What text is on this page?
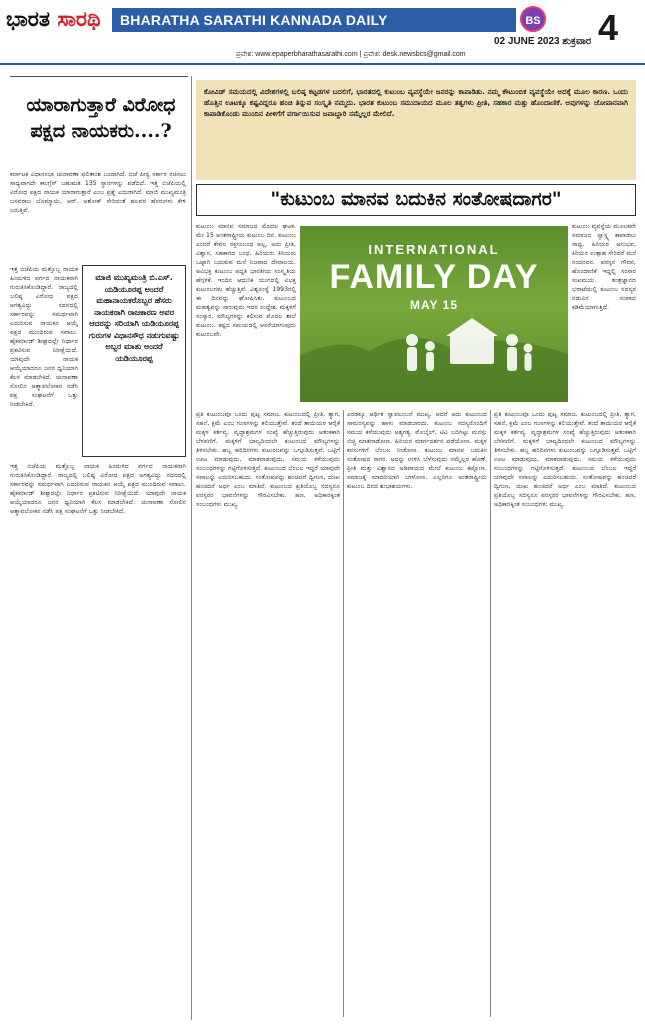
ಭಾರತ ಸಾರಥಿ	BHARATHA SARATHI KANNADA DAILY	BS
02 JUNE 2023 ಶುಕ್ರವಾರ 4
ಪ್ರವೇಶ: www.epaperbharathasarathi.com | ಪ್ರವೇಶ: desk.newsbcs@gmail.com
ಯಾರಾಗುತ್ತಾರೆ ವಿರೋಧ ಪಕ್ಷದ ನಾಯಕರು....?
ಕರ್ನಾಟಕ ವಿಧಾನಸಭಾ ಚುನಾವಣಾ ಫಲಿತಾಂಶ ಬಂದಾಗಿದೆ. ಬಿಜೆ ಪೀಠ್ಯ ಸರ್ಕಾರ ರಚಿಸಲು ಸಾಧ್ಯವಾಗದೇ ಕಾಂಗ್ರೆಸ್ ಬಹುಮತ 135 ಸ್ಥಾನಗಳನ್ನು ಪಡೆದಿದೆ. ಇತ್ತ ಬಿಜೆಪಿಯಲ್ಲಿ ವಿರೋಧ ಪಕ್ಷದ ನಾಯಕ ಯಾರಾಗುತ್ತಾರೆ ಎಂಬ ಪ್ರಶ್ನೆ ಎದುರಾಗಿದೆ. ಮಾಜಿ ಮುಖ್ಯಮಂತ್ರಿ ಬಸವರಾಜ ಬೊಮ್ಮಾಯಿ, ಆರ್. ಅಶೋಕ್ ಸೇರಿದಂತೆ ಹಲವರ ಹೆಸರುಗಳು ಕೇಳಿ ಬರುತ್ತಿವೆ.
ಇತ್ತ ಬಿಜೆಪಿಯ ಮತ್ತೊಬ್ಬ ನಾಯಕ ಹಿಂದುಳಿದ ವರ್ಗದ ನಾಯಕರಾಗಿ ಗುರುತಿಸಿಕೊಂಡಿದ್ದಾರೆ. ರಾಜ್ಯದಲ್ಲಿ ಬಲಿಷ್ಠ ವಿರೋಧ ಪಕ್ಷದ ಅಗತ್ಯವಿದ್ದು ಸದನದಲ್ಲಿ ಸರ್ಕಾರವನ್ನು ಸಮರ್ಥವಾಗಿ ಎದುರಿಸುವ ನಾಯಕನ ಆಯ್ಕೆ ಪಕ್ಷದ ಮುಂದಿರುವ ಸವಾಲು. ಹೈಕಮಾಂಡ್ ಶೀಘ್ರದಲ್ಲೇ ನಿರ್ಧಾರ ಪ್ರಕಟಿಸುವ ನಿರೀಕ್ಷೆಯಿದೆ. ಯಾವುದೇ ನಾಯಕ ಆಯ್ಕೆಯಾದರೂ ಜನರ ಧ್ವನಿಯಾಗಿ ಕೆಲಸ ಮಾಡಬೇಕಿದೆ. ಚುನಾವಣಾ ಸೋಲಿನ ಆತ್ಮಾವಲೋಕನ ನಡೆಸಿ ಪಕ್ಷ ಸಂಘಟನೆಗೆ ಒತ್ತು ನೀಡಬೇಕಿದೆ.
ಮಾಜಿ ಮುಖ್ಯಮಂತ್ರಿ ಬಿ.ಎಸ್. ಯಡಿಯೂರಪ್ಪ ಅಂದರೆ ಮಹಾನಾಯಕರೊಬ್ಬರ ಹೆಸರು ನಾಯಕರಾಗಿ ರಾಜಕಾರಣ ಅವರ ಆದರನ್ನು ಸರಿಯಾಗಿ ಯಡಿಯೂರಪ್ಪ ಗುರುಗಳ ವಿಧಾನಸೌಧ ನಡುಗುವಷ್ಟು ಅಬ್ಬರ ಮಾತು ಅಂದರೆ ಯಡಿಯೂರಪ್ಪ
ಇತ್ತ ಬಿಜೆಪಿಯ ಮತ್ತೊಬ್ಬ ನಾಯಕ ಹಿಂದುಳಿದ ವರ್ಗದ ನಾಯಕರಾಗಿ ಗುರುತಿಸಿಕೊಂಡಿದ್ದಾರೆ. ರಾಜ್ಯದಲ್ಲಿ ಬಲಿಷ್ಠ ವಿರೋಧ ಪಕ್ಷದ ಅಗತ್ಯವಿದ್ದು ಸದನದಲ್ಲಿ ಸರ್ಕಾರವನ್ನು ಸಮರ್ಥವಾಗಿ ಎದುರಿಸುವ ನಾಯಕನ ಆಯ್ಕೆ ಪಕ್ಷದ ಮುಂದಿರುವ ಸವಾಲು. ಹೈಕಮಾಂಡ್ ಶೀಘ್ರದಲ್ಲೇ ನಿರ್ಧಾರ ಪ್ರಕಟಿಸುವ ನಿರೀಕ್ಷೆಯಿದೆ. ಯಾವುದೇ ನಾಯಕ ಆಯ್ಕೆಯಾದರೂ ಜನರ ಧ್ವನಿಯಾಗಿ ಕೆಲಸ ಮಾಡಬೇಕಿದೆ. ಚುನಾವಣಾ ಸೋಲಿನ ಆತ್ಮಾವಲೋಕನ ನಡೆಸಿ ಪಕ್ಷ ಸಂಘಟನೆಗೆ ಒತ್ತು ನೀಡಬೇಕಿದೆ.
ಕೋವಿಡ್ ಸಮಯದಲ್ಲಿ ವಿದೇಶಗಳಲ್ಲಿ ಬಲಿಷ್ಠ ಕಟ್ಟಡಗಳ ಬದಲಿಗೆ, ಭಾರತದಲ್ಲಿ ಕುಟುಂಬ ವ್ಯವಸ್ಥೆಯೇ ಜನರನ್ನು ಕಾಪಾಡಿತು. ನಮ್ಮ ಕೌಟುಂಬಿಕ ವ್ಯವಸ್ಥೆಯೇ ಅದಕ್ಕೆ ಮೂಲ ಕಾರಣ. ಒಂದು ಹೊತ್ತಿನ ಊಟಕ್ಕೂ ಕಷ್ಟವಿದ್ದರೂ ಹಂಚಿ ತಿನ್ನುವ ಸಂಸ್ಕೃತಿ ನಮ್ಮದು. ಭಾರತ ಕುಟುಂಬ ಸಮುದಾಯದ ಮೂಲ ತತ್ವಗಳು ಪ್ರೀತಿ, ಸಹಕಾರ ಮತ್ತು ಹೊಂದಾಣಿಕೆ. ಅವುಗಳನ್ನು ಜೋಪಾನವಾಗಿ ಕಾಪಾಡಿಕೊಂಡು ಮುಂದಿನ ಪೀಳಿಗೆಗೆ ವರ್ಗಾಯಿಸುವ ಜವಾಬ್ದಾರಿ ನಮ್ಮೆಲ್ಲರ ಮೇಲಿದೆ.
"ಕುಟುಂಬ ಮಾನವ ಬದುಕಿನ ಸಂತೋಷದಾಗರ"
ಕುಟುಂಬ ಮಾನವ ಸಮಾಜದ ಮೊದಲ ಘಟಕ. ಮೇ 15 ಅಂತರಾಷ್ಟ್ರೀಯ ಕುಟುಂಬ ದಿನ. ಕುಟುಂಬ ಎಂದರೆ ಕೇವಲ ರಕ್ತಸಂಬಂಧ ಅಲ್ಲ, ಅದು ಪ್ರೀತಿ, ವಿಶ್ವಾಸ, ಸಹಕಾರದ ಬಂಧ. ಹಿರಿಯರು ಕಿರಿಯರು ಒಟ್ಟಾಗಿ ಬದುಕುವ ಮನೆ ನಿಜವಾದ ದೇವಾಲಯ. ಅವಿಭಕ್ತ ಕುಟುಂಬ ಪದ್ಧತಿ ಭಾರತೀಯ ಸಂಸ್ಕೃತಿಯ ಹೆಗ್ಗಳಿಕೆ. ಇಂದಿನ ಆಧುನಿಕ ಯುಗದಲ್ಲಿ ವಿಭಕ್ತ ಕುಟುಂಬಗಳು ಹೆಚ್ಚುತ್ತಿವೆ. ವಿಶ್ವಸಂಸ್ಥೆ 1993ರಲ್ಲಿ ಈ ದಿನವನ್ನು ಘೋಷಿಸಿತು. ಕುಟುಂಬದ ಮಹತ್ವವನ್ನು ಸಾರುವುದು ಇದರ ಉದ್ದೇಶ. ಮಕ್ಕಳಿಗೆ ಸಂಸ್ಕಾರ, ಮೌಲ್ಯಗಳನ್ನು ಕಲಿಸುವ ಮೊದಲ ಶಾಲೆ ಕುಟುಂಬ. ಕಷ್ಟದ ಸಮಯದಲ್ಲಿ ಆಸರೆಯಾಗುವುದು ಕುಟುಂಬವೇ.
ಕುಟುಂಬ ವ್ಯವಸ್ಥೆಯ ಮೂಲಕವೇ ಸಮಾಜದ ಸ್ವಾಸ್ಥ್ಯ ಕಾಪಾಡಲು ಸಾಧ್ಯ. ಹಿರಿಯರ ಅನುಭವ, ಕಿರಿಯರ ಉತ್ಸಾಹ ಸೇರಿದರೆ ಮನೆ ನಂದನವನ. ಪರಸ್ಪರ ಗೌರವ, ಹೊಂದಾಣಿಕೆ ಇದ್ದಲ್ಲಿ ಸಂಸಾರ ಸುಖಮಯ. ತಂತ್ರಜ್ಞಾನದ ಭರಾಟೆಯಲ್ಲಿ ಕುಟುಂಬ ಸದಸ್ಯರ ನಡುವಿನ ಸಂವಾದ ಕಡಿಮೆಯಾಗುತ್ತಿದೆ.
INTERNATIONAL
FAMILY DAY
MAY 15
ಪ್ರತಿ ಕುಟುಂಬವೂ ಒಂದು ಪುಟ್ಟ ಸಮಾಜ. ಕುಟುಂಬದಲ್ಲಿ ಪ್ರೀತಿ, ತ್ಯಾಗ, ಸಹನೆ, ಕ್ಷಮೆ ಎಂಬ ಗುಣಗಳನ್ನು ಕಲಿಯುತ್ತೇವೆ. ತಂದೆ ತಾಯಿಯರ ಆರೈಕೆ ಮಕ್ಕಳ ಕರ್ತವ್ಯ. ವೃದ್ಧಾಶ್ರಮಗಳ ಸಂಖ್ಯೆ ಹೆಚ್ಚುತ್ತಿರುವುದು ಆತಂಕಕಾರಿ ಬೆಳವಣಿಗೆ. ಮಕ್ಕಳಿಗೆ ಬಾಲ್ಯದಿಂದಲೇ ಕುಟುಂಬದ ಮೌಲ್ಯಗಳನ್ನು ತಿಳಿಸಬೇಕು. ಹಬ್ಬ ಹರಿದಿನಗಳು ಕುಟುಂಬವನ್ನು ಒಗ್ಗೂಡಿಸುತ್ತವೆ. ಒಟ್ಟಿಗೆ ಊಟ ಮಾಡುವುದು, ಮಾತನಾಡುವುದು, ಸಮಯ ಕಳೆಯುವುದು ಸಂಬಂಧಗಳನ್ನು ಗಟ್ಟಿಗೊಳಿಸುತ್ತದೆ. ಕುಟುಂಬದ ಬೆಂಬಲ ಇದ್ದರೆ ಯಾವುದೇ ಸವಾಲನ್ನು ಎದುರಿಸಬಹುದು. ಸಂತೋಷವನ್ನು ಹಂಚಿದರೆ ದ್ವಿಗುಣ, ದುಃಖ ಹಂಚಿದರೆ ಅರ್ಧ ಎಂಬ ಮಾತಿದೆ. ಕುಟುಂಬದ ಪ್ರತಿಯೊಬ್ಬ ಸದಸ್ಯನೂ ಪರಸ್ಪರರ ಭಾವನೆಗಳನ್ನು ಗೌರವಿಸಬೇಕು. ಹಣ, ಅಧಿಕಾರಕ್ಕಿಂತ ಸಂಬಂಧಗಳು ಮುಖ್ಯ.
ಎರಡಕ್ಕೂ ಆರ್ಥಿಕ ಸ್ವಾವಲಂಬನೆ ಮುಖ್ಯ. ಆದರೆ ಅದು ಕುಟುಂಬದ ಸಾಮರಸ್ಯವನ್ನು ಹಾಳು ಮಾಡಬಾರದು. ಕುಟುಂಬ ಸದಸ್ಯರೊಂದಿಗೆ ಸಮಯ ಕಳೆಯುವುದು ಅತ್ಯಗತ್ಯ. ಮೊಬೈಲ್, ಟಿವಿ ಬದಿಗಿಟ್ಟು ಮನಸ್ಸು ಬಿಚ್ಚಿ ಮಾತನಾಡೋಣ. ಹಿರಿಯರ ಮಾರ್ಗದರ್ಶನ ಪಡೆಯೋಣ. ಮಕ್ಕಳ ಕನಸುಗಳಿಗೆ ಬೆಂಬಲ ನೀಡೋಣ. ಕುಟುಂಬ ಮಾನವ ಬದುಕಿನ ಸಂತೋಷದ ಸಾಗರ. ಅದನ್ನು ಉಳಿಸಿ ಬೆಳೆಸುವುದು ನಮ್ಮೆಲ್ಲರ ಹೊಣೆ. ಪ್ರೀತಿ ಮತ್ತು ವಿಶ್ವಾಸದ ಅಡಿಪಾಯದ ಮೇಲೆ ಕುಟುಂಬ ಕಟ್ಟೋಣ. ಸಮಾಜಕ್ಕೆ ಮಾದರಿಯಾಗಿ ಬಾಳೋಣ. ಎಲ್ಲರಿಗೂ ಅಂತರಾಷ್ಟ್ರೀಯ ಕುಟುಂಬ ದಿನದ ಶುಭಾಶಯಗಳು.
ಪ್ರತಿ ಕುಟುಂಬವೂ ಒಂದು ಪುಟ್ಟ ಸಮಾಜ. ಕುಟುಂಬದಲ್ಲಿ ಪ್ರೀತಿ, ತ್ಯಾಗ, ಸಹನೆ, ಕ್ಷಮೆ ಎಂಬ ಗುಣಗಳನ್ನು ಕಲಿಯುತ್ತೇವೆ. ತಂದೆ ತಾಯಿಯರ ಆರೈಕೆ ಮಕ್ಕಳ ಕರ್ತವ್ಯ. ವೃದ್ಧಾಶ್ರಮಗಳ ಸಂಖ್ಯೆ ಹೆಚ್ಚುತ್ತಿರುವುದು ಆತಂಕಕಾರಿ ಬೆಳವಣಿಗೆ. ಮಕ್ಕಳಿಗೆ ಬಾಲ್ಯದಿಂದಲೇ ಕುಟುಂಬದ ಮೌಲ್ಯಗಳನ್ನು ತಿಳಿಸಬೇಕು. ಹಬ್ಬ ಹರಿದಿನಗಳು ಕುಟುಂಬವನ್ನು ಒಗ್ಗೂಡಿಸುತ್ತವೆ. ಒಟ್ಟಿಗೆ ಊಟ ಮಾಡುವುದು, ಮಾತನಾಡುವುದು, ಸಮಯ ಕಳೆಯುವುದು ಸಂಬಂಧಗಳನ್ನು ಗಟ್ಟಿಗೊಳಿಸುತ್ತದೆ. ಕುಟುಂಬದ ಬೆಂಬಲ ಇದ್ದರೆ ಯಾವುದೇ ಸವಾಲನ್ನು ಎದುರಿಸಬಹುದು. ಸಂತೋಷವನ್ನು ಹಂಚಿದರೆ ದ್ವಿಗುಣ, ದುಃಖ ಹಂಚಿದರೆ ಅರ್ಧ ಎಂಬ ಮಾತಿದೆ. ಕುಟುಂಬದ ಪ್ರತಿಯೊಬ್ಬ ಸದಸ್ಯನೂ ಪರಸ್ಪರರ ಭಾವನೆಗಳನ್ನು ಗೌರವಿಸಬೇಕು. ಹಣ, ಅಧಿಕಾರಕ್ಕಿಂತ ಸಂಬಂಧಗಳು ಮುಖ್ಯ.
